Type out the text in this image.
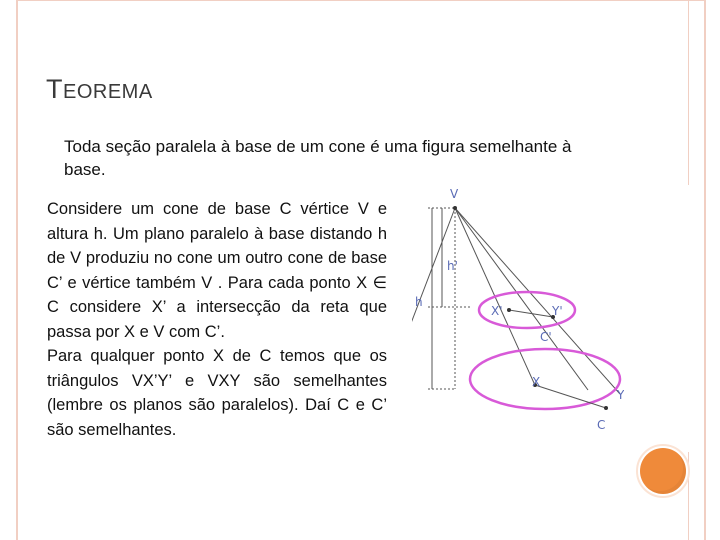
TEOREMA
Toda seção paralela à base de um cone é uma figura semelhante à base.

Considere um cone de base C vértice V e altura h. Um plano paralelo à base distando h de V produziu no cone um outro cone de base C’ e vértice também V . Para cada ponto X ∈ C considere X’ a intersecção da reta que passa por X e V com C’.

Para qualquer ponto X de C temos que os triângulos VX’Y’ e VXY são semelhantes (lembre os planos são paralelos). Daí C e C’ são semelhantes.

V
h'
h
X'	Y'
C'
X
Y
C
